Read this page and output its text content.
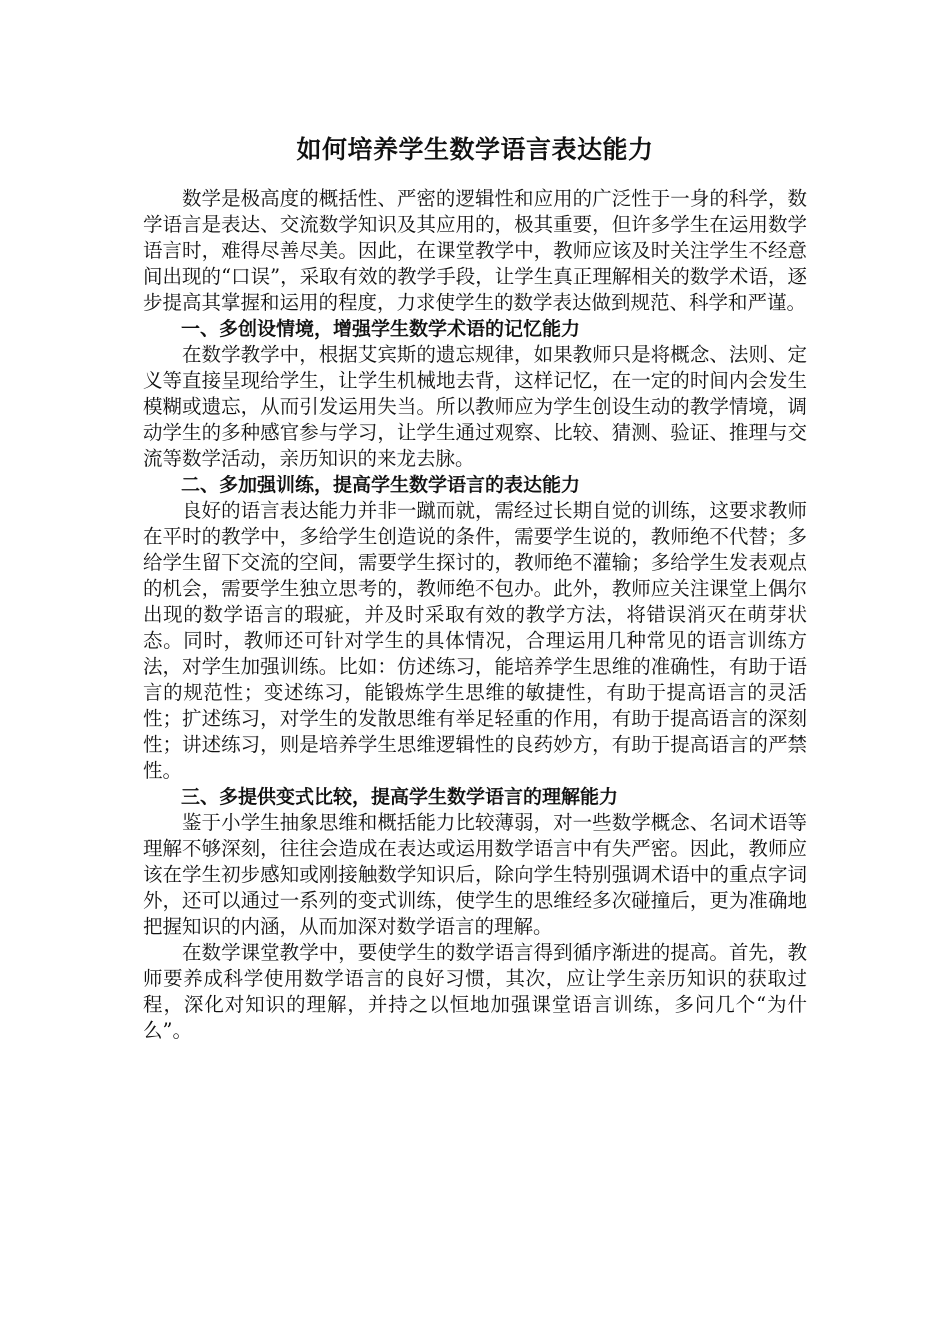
如何培养学生数学语言表达能力

数学是极高度的概括性、严密的逻辑性和应用的广泛性于一身的科学，数学语言是表达、交流数学知识及其应用的，极其重要，但许多学生在运用数学语言时，难得尽善尽美。因此，在课堂教学中，教师应该及时关注学生不经意间出现的“口误”，采取有效的教学手段，让学生真正理解相关的数学术语，逐步提高其掌握和运用的程度，力求使学生的数学表达做到规范、科学和严谨。

一、多创设情境，增强学生数学术语的记忆能力

在数学教学中，根据艾宾斯的遗忘规律，如果教师只是将概念、法则、定义等直接呈现给学生，让学生机械地去背，这样记忆，在一定的时间内会发生模糊或遗忘，从而引发运用失当。所以教师应为学生创设生动的教学情境，调动学生的多种感官参与学习，让学生通过观察、比较、猜测、验证、推理与交流等数学活动，亲历知识的来龙去脉。

二、多加强训练，提高学生数学语言的表达能力

良好的语言表达能力并非一蹴而就，需经过长期自觉的训练，这要求教师在平时的教学中，多给学生创造说的条件，需要学生说的，教师绝不代替；多给学生留下交流的空间，需要学生探讨的，教师绝不灌输；多给学生发表观点的机会，需要学生独立思考的，教师绝不包办。此外，教师应关注课堂上偶尔出现的数学语言的瑕疵，并及时采取有效的教学方法，将错误消灭在萌芽状态。同时，教师还可针对学生的具体情况，合理运用几种常见的语言训练方法，对学生加强训练。比如：仿述练习，能培养学生思维的准确性，有助于语言的规范性；变述练习，能锻炼学生思维的敏捷性，有助于提高语言的灵活性；扩述练习，对学生的发散思维有举足轻重的作用，有助于提高语言的深刻性；讲述练习，则是培养学生思维逻辑性的良药妙方，有助于提高语言的严禁性。

三、多提供变式比较，提高学生数学语言的理解能力

鉴于小学生抽象思维和概括能力比较薄弱，对一些数学概念、名词术语等理解不够深刻，往往会造成在表达或运用数学语言中有失严密。因此，教师应该在学生初步感知或刚接触数学知识后，除向学生特别强调术语中的重点字词外，还可以通过一系列的变式训练，使学生的思维经多次碰撞后，更为准确地把握知识的内涵，从而加深对数学语言的理解。

在数学课堂教学中，要使学生的数学语言得到循序渐进的提高。首先，教师要养成科学使用数学语言的良好习惯，其次，应让学生亲历知识的获取过程，深化对知识的理解，并持之以恒地加强课堂语言训练，多问几个“为什么”。
